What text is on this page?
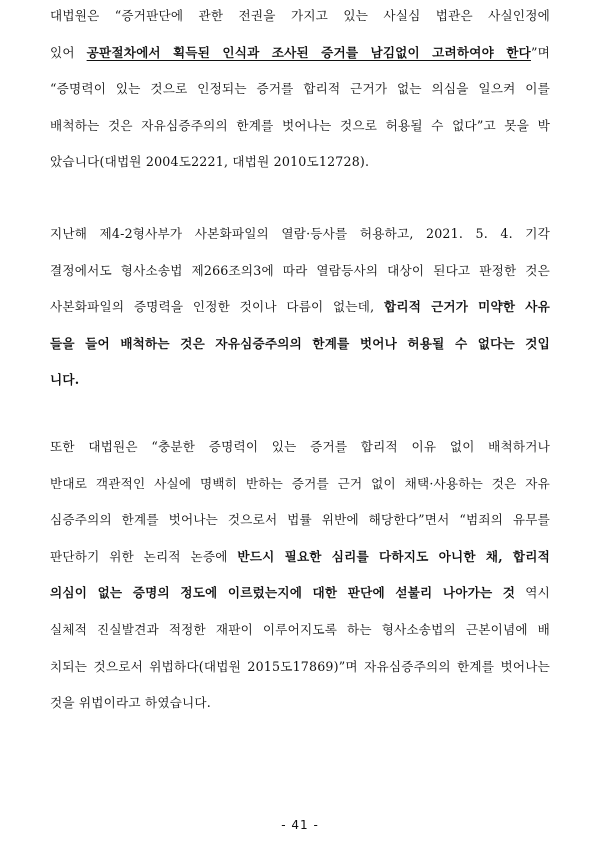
대법원은 “증거판단에 관한 전권을 가지고 있는 사실심 법관은 사실인정에
있어 공판절차에서 획득된 인식과 조사된 증거를 남김없이 고려하여야 한다”며
“증명력이 있는 것으로 인정되는 증거를 합리적 근거가 없는 의심을 일으켜 이를
배척하는 것은 자유심증주의의 한계를 벗어나는 것으로 허용될 수 없다”고 못을 박
았습니다(대법원 2004도2221, 대법원 2010도12728).
지난해 제4-2형사부가 사본화파일의 열람·등사를 허용하고, 2021. 5. 4. 기각
결정에서도 형사소송법 제266조의3에 따라 열람등사의 대상이 된다고 판정한 것은
사본화파일의 증명력을 인정한 것이나 다름이 없는데, 합리적 근거가 미약한 사유
들을 들어 배척하는 것은 자유심증주의의 한계를 벗어나 허용될 수 없다는 것입
니다.
또한 대법원은 “충분한 증명력이 있는 증거를 합리적 이유 없이 배척하거나
반대로 객관적인 사실에 명백히 반하는 증거를 근거 없이 채택·사용하는 것은 자유
심증주의의 한계를 벗어나는 것으로서 법률 위반에 해당한다”면서 “범죄의 유무를
판단하기 위한 논리적 논증에 반드시 필요한 심리를 다하지도 아니한 채, 합리적
의심이 없는 증명의 정도에 이르렀는지에 대한 판단에 섣불리 나아가는 것 역시
실체적 진실발견과 적정한 재판이 이루어지도록 하는 형사소송법의 근본이념에 배
치되는 것으로서 위법하다(대법원 2015도17869)”며 자유심증주의의 한계를 벗어나는
것을 위법이라고 하였습니다.
- 41 -
